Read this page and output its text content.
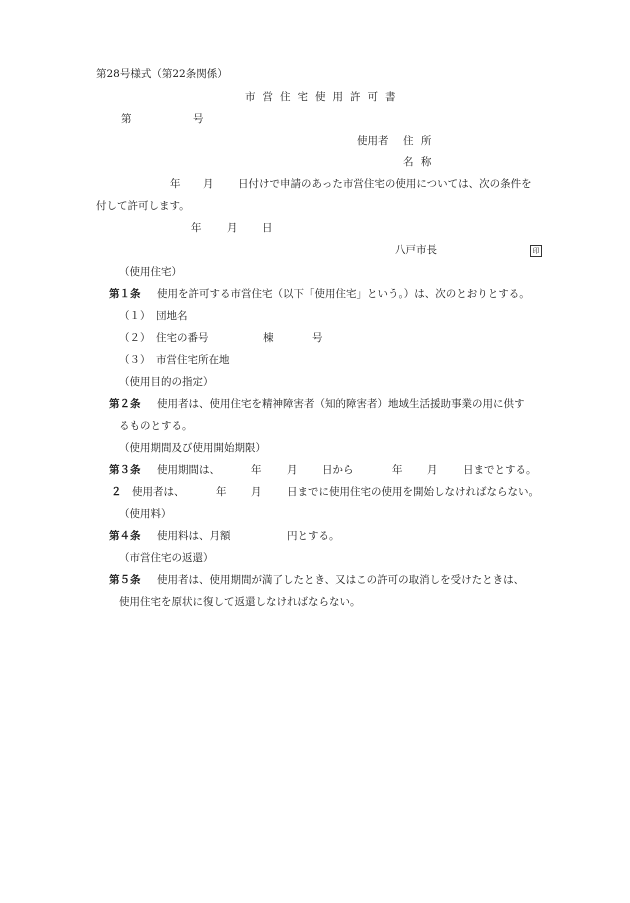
第28号様式（第22条関係）
市営住宅使用許可書
第	号
使用者 住 所
名 称
年 月 日付けで申請のあった市営住宅の使用については、次の条件を
付して許可します。
年 月 日
八戸市長	印
（使用住宅）
第１条 使用を許可する市営住宅（以下「使用住宅」という。）は、次のとおりとする。
（１） 団地名
（２） 住宅の番号	棟	号
（３） 市営住宅所在地
（使用目的の指定）
第２条 使用者は、使用住宅を精神障害者（知的障害者）地域生活援助事業の用に供す
るものとする。
（使用期間及び使用開始期限）
第３条 使用期間は、	年 月 日から	年 月 日までとする。
２ 使用者は、	年 月 日までに使用住宅の使用を開始しなければならない。
（使用料）
第４条 使用料は、月額	円とする。
（市営住宅の返還）
第５条 使用者は、使用期間が満了したとき、又はこの許可の取消しを受けたときは、
使用住宅を原状に復して返還しなければならない。
